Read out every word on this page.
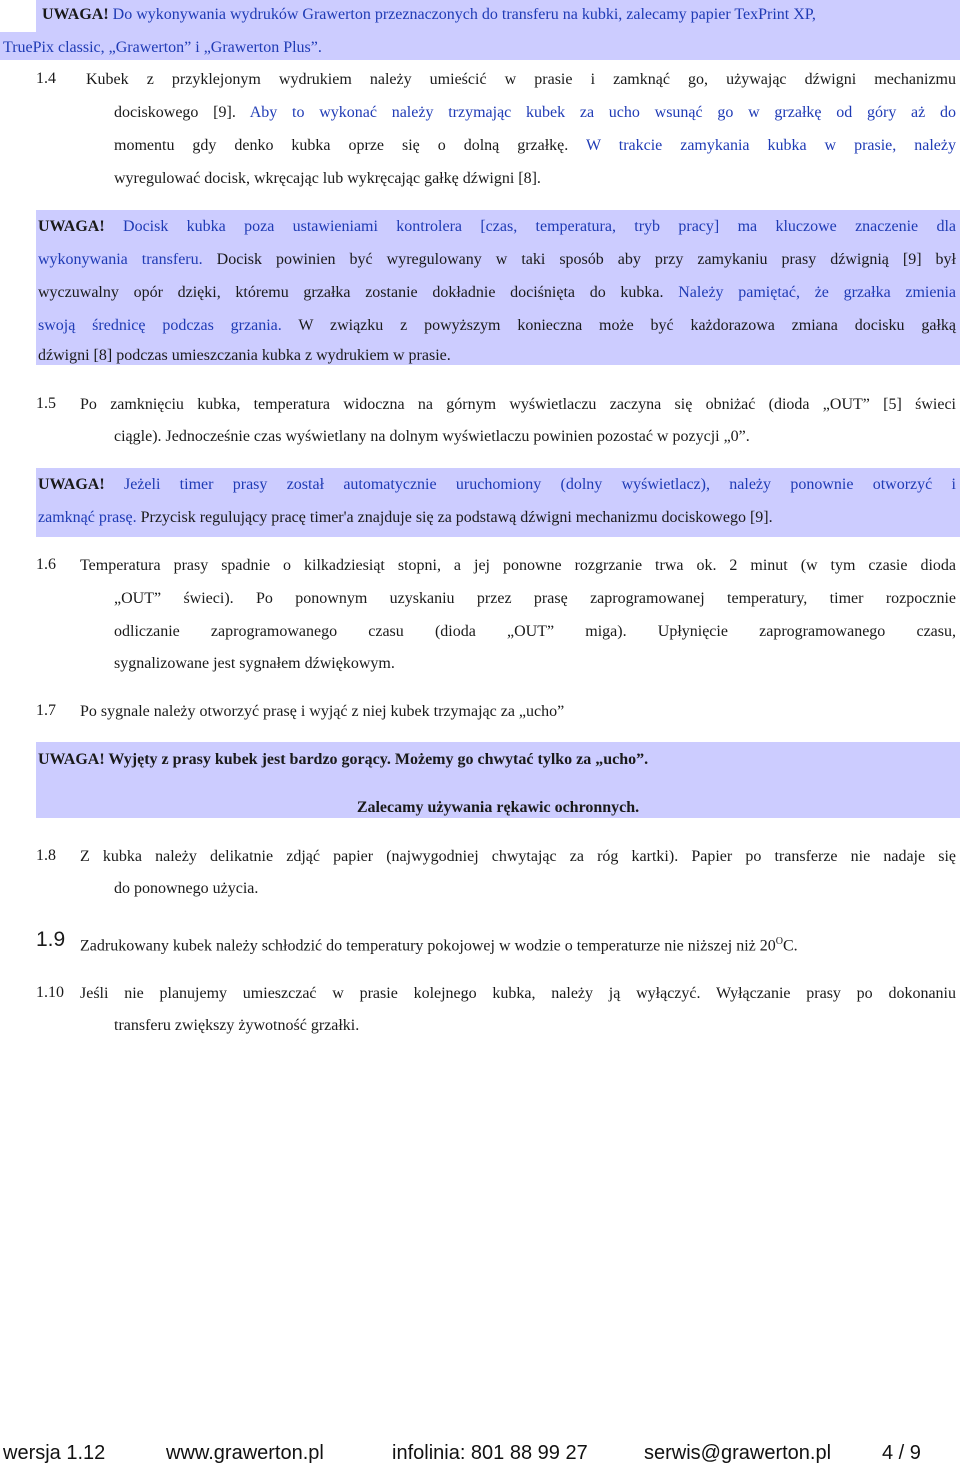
UWAGA! Do wykonywania wydruków Grawerton przeznaczonych do transferu na kubki, zalecamy papier TexPrint XP,
TruePix classic, „Grawerton” i „Grawerton Plus”.
1.4 Kubek z przyklejonym wydrukiem należy umieścić w prasie i zamknąć go, używając dźwigni mechanizmu
dociskowego [9]. Aby to wykonać należy trzymając kubek za ucho wsunąć go w grzałkę od góry aż do
momentu gdy denko kubka oprze się o dolną grzałkę. W trakcie zamykania kubka w prasie, należy
wyregulować docisk, wkręcając lub wykręcając gałkę dźwigni [8].
UWAGA! Docisk kubka poza ustawieniami kontrolera [czas, temperatura, tryb pracy] ma kluczowe znaczenie dla
wykonywania transferu. Docisk powinien być wyregulowany w taki sposób aby przy zamykaniu prasy dźwignią [9] był
wyczuwalny opór dzięki, któremu grzałka zostanie dokładnie dociśnięta do kubka. Należy pamiętać, że grzałka zmienia
swoją średnicę podczas grzania. W związku z powyższym konieczna może być każdorazowa zmiana docisku gałką
dźwigni [8] podczas umieszczania kubka z wydrukiem w prasie.
1.5 Po zamknięciu kubka, temperatura widoczna na górnym wyświetlaczu zaczyna się obniżać (dioda „OUT” [5] świeci
ciągle). Jednocześnie czas wyświetlany na dolnym wyświetlaczu powinien pozostać w pozycji „0”.
UWAGA! Jeżeli timer prasy został automatycznie uruchomiony (dolny wyświetlacz), należy ponownie otworzyć i
zamknąć prasę. Przycisk regulujący pracę timer'a znajduje się za podstawą dźwigni mechanizmu dociskowego [9].
1.6 Temperatura prasy spadnie o kilkadziesiąt stopni, a jej ponowne rozgrzanie trwa ok. 2 minut (w tym czasie dioda
„OUT” świeci). Po ponownym uzyskaniu przez prasę zaprogramowanej temperatury, timer rozpocznie
odliczanie zaprogramowanego czasu (dioda „OUT” miga). Upłynięcie zaprogramowanego czasu,
sygnalizowane jest sygnałem dźwiękowym.
1.7 Po sygnale należy otworzyć prasę i wyjąć z niej kubek trzymając za „ucho”
UWAGA! Wyjęty z prasy kubek jest bardzo gorący. Możemy go chwytać tylko za „ucho”.
Zalecamy używania rękawic ochronnych.
1.8 Z kubka należy delikatnie zdjąć papier (najwygodniej chwytając za róg kartki). Papier po transferze nie nadaje się
do ponownego użycia.
1.9 Zadrukowany kubek należy schłodzić do temperatury pokojowej w wodzie o temperaturze nie niższej niż $20^OC$.
1.10 Jeśli nie planujemy umieszczać w prasie kolejnego kubka, należy ją wyłączyć. Wyłączanie prasy po dokonaniu
transferu zwiększy żywotność grzałki.
wersja 1.12	www.grawerton.pl	infolinia: 801 88 99 27	serwis@grawerton.pl	4 / 9
